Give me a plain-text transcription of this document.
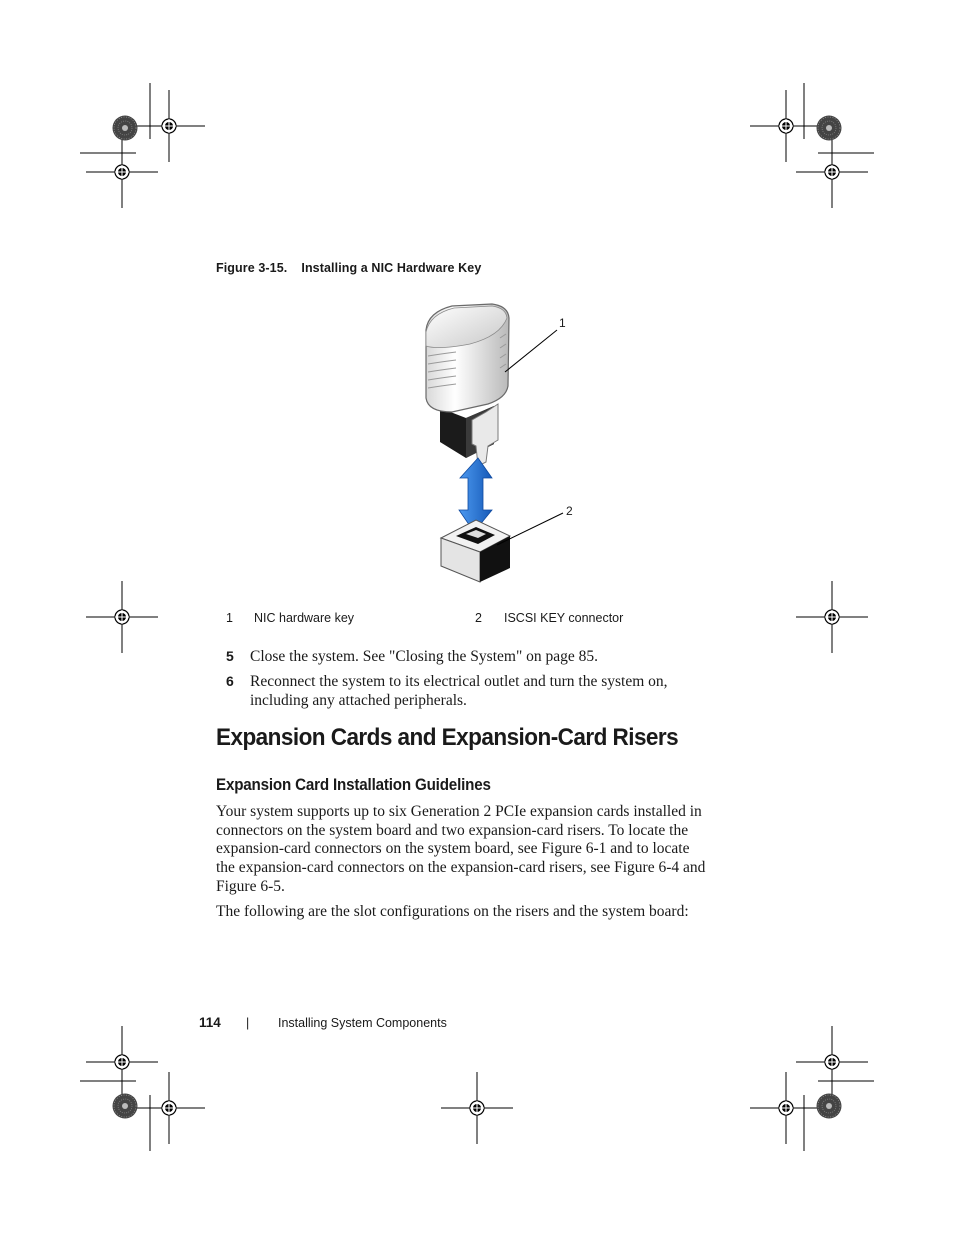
Figure 3-15. Installing a NIC Hardware Key
1
2
1 NIC hardware key	2 ISCSI KEY connector
5 Close the system. See "Closing the System" on page 85.
6 Reconnect the system to its electrical outlet and turn the system on,
including any attached peripherals.
Expansion Cards and Expansion-Card Risers
Expansion Card Installation Guidelines

Your system supports up to six Generation 2 PCIe expansion cards installed in
connectors on the system board and two expansion-card risers. To locate the
expansion-card connectors on the system board, see Figure 6-1 and to locate
the expansion-card connectors on the expansion-card risers, see Figure 6-4 and
Figure 6-5.

The following are the slot configurations on the risers and the system board:

114 | Installing System Components
